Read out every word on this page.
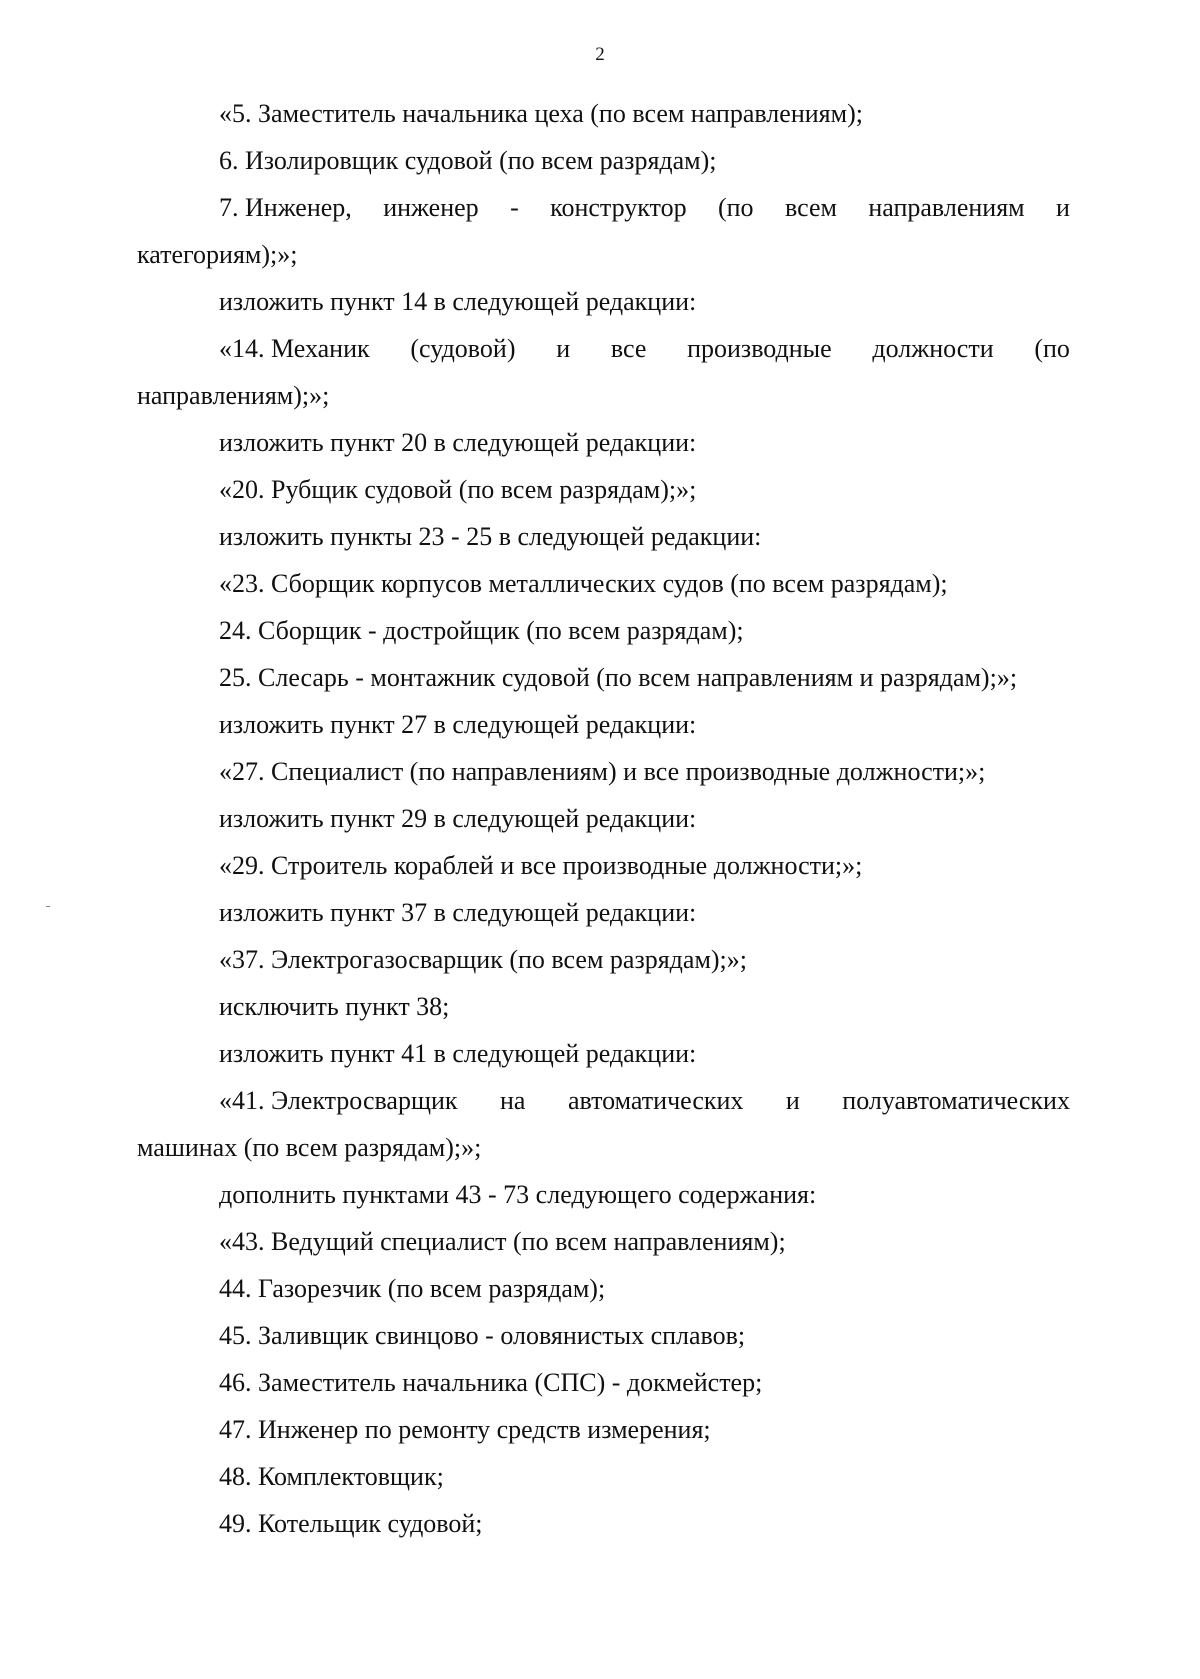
2
«5. Заместитель начальника цеха (по всем направлениям);
6. Изолировщик судовой (по всем разрядам);
7. Инженер, инженер - конструктор (по всем направлениям и
категориям);»;
изложить пункт 14 в следующей редакции:
«14. Механик (судовой) и все производные должности (по
направлениям);»;
изложить пункт 20 в следующей редакции:
«20. Рубщик судовой (по всем разрядам);»;
изложить пункты 23 - 25 в следующей редакции:
«23. Сборщик корпусов металлических судов (по всем разрядам);
24. Сборщик - достройщик (по всем разрядам);
25. Слесарь - монтажник судовой (по всем направлениям и разрядам);»;
изложить пункт 27 в следующей редакции:
«27. Специалист (по направлениям) и все производные должности;»;
изложить пункт 29 в следующей редакции:
«29. Строитель кораблей и все производные должности;»;
изложить пункт 37 в следующей редакции:
«37. Электрогазосварщик (по всем разрядам);»;
исключить пункт 38;
изложить пункт 41 в следующей редакции:
«41. Электросварщик на автоматических и полуавтоматических
машинах (по всем разрядам);»;
дополнить пунктами 43 - 73 следующего содержания:
«43. Ведущий специалист (по всем направлениям);
44. Газорезчик (по всем разрядам);
45. Заливщик свинцово - оловянистых сплавов;
46. Заместитель начальника (СПС) - докмейстер;
47. Инженер по ремонту средств измерения;
48. Комплектовщик;
49. Котельщик судовой;
